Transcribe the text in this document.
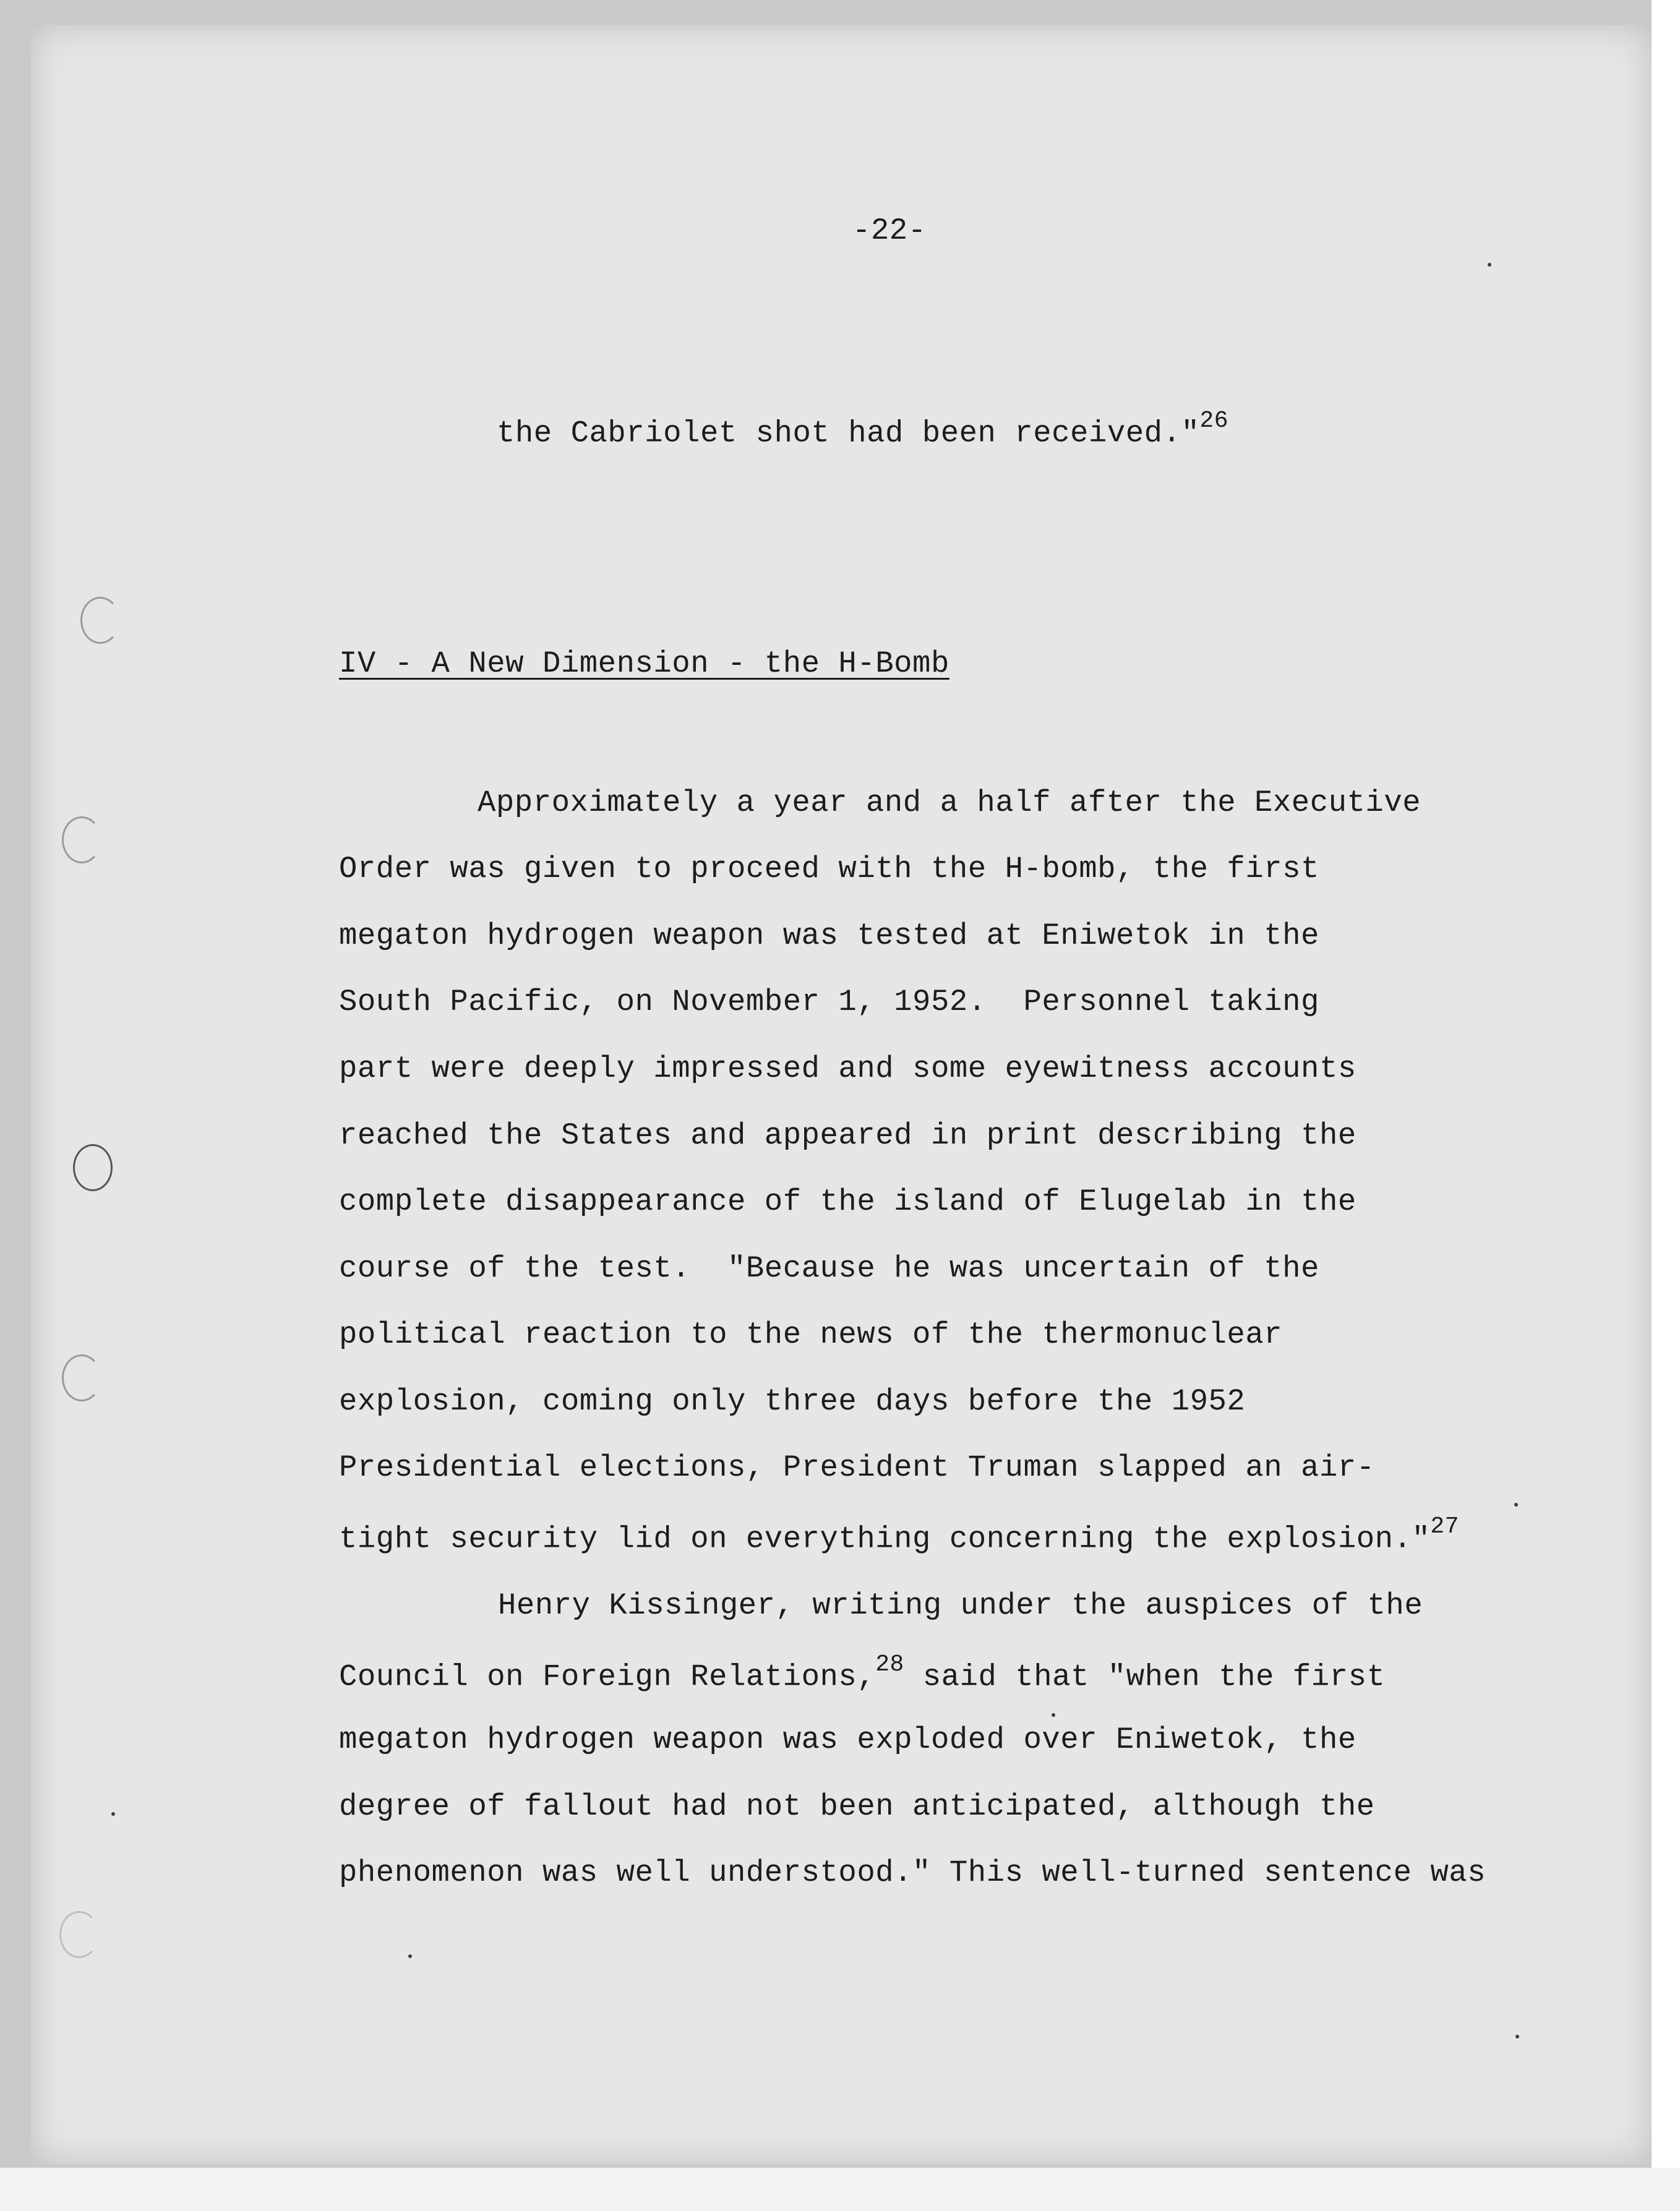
-22-
the Cabriolet shot had been received."$^{26}$
IV - A New Dimension - the H-Bomb
Approximately a year and a half after the Executive
Order was given to proceed with the H-bomb, the first
megaton hydrogen weapon was tested at Eniwetok in the
South Pacific, on November 1, 1952.  Personnel taking
part were deeply impressed and some eyewitness accounts
reached the States and appeared in print describing the
complete disappearance of the island of Elugelab in the
course of the test.  "Because he was uncertain of the
political reaction to the news of the thermonuclear
explosion, coming only three days before the 1952
Presidential elections, President Truman slapped an air-
tight security lid on everything concerning the explosion."$^{27}$
Henry Kissinger, writing under the auspices of the
Council on Foreign Relations,$^{28}$ said that "when the first
megaton hydrogen weapon was exploded over Eniwetok, the
degree of fallout had not been anticipated, although the
phenomenon was well understood." This well-turned sentence was
